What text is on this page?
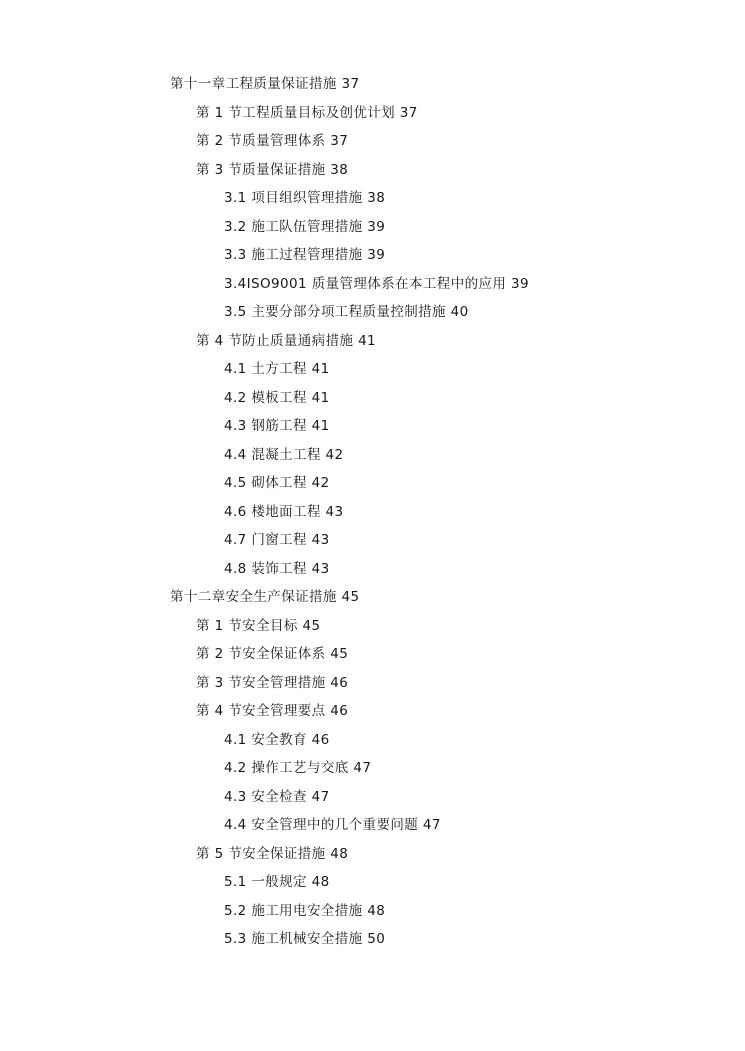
第十一章工程质量保证措施 37
第 1 节工程质量目标及创优计划 37
第 2 节质量管理体系 37
第 3 节质量保证措施 38
3.1 项目组织管理措施 38
3.2 施工队伍管理措施 39
3.3 施工过程管理措施 39
3.4ISO9001 质量管理体系在本工程中的应用 39
3.5 主要分部分项工程质量控制措施 40
第 4 节防止质量通病措施 41
4.1 土方工程 41
4.2 模板工程 41
4.3 钢筋工程 41
4.4 混凝土工程 42
4.5 砌体工程 42
4.6 楼地面工程 43
4.7 门窗工程 43
4.8 装饰工程 43
第十二章安全生产保证措施 45
第 1 节安全目标 45
第 2 节安全保证体系 45
第 3 节安全管理措施 46
第 4 节安全管理要点 46
4.1 安全教育 46
4.2 操作工艺与交底 47
4.3 安全检查 47
4.4 安全管理中的几个重要问题 47
第 5 节安全保证措施 48
5.1 一般规定 48
5.2 施工用电安全措施 48
5.3 施工机械安全措施 50
